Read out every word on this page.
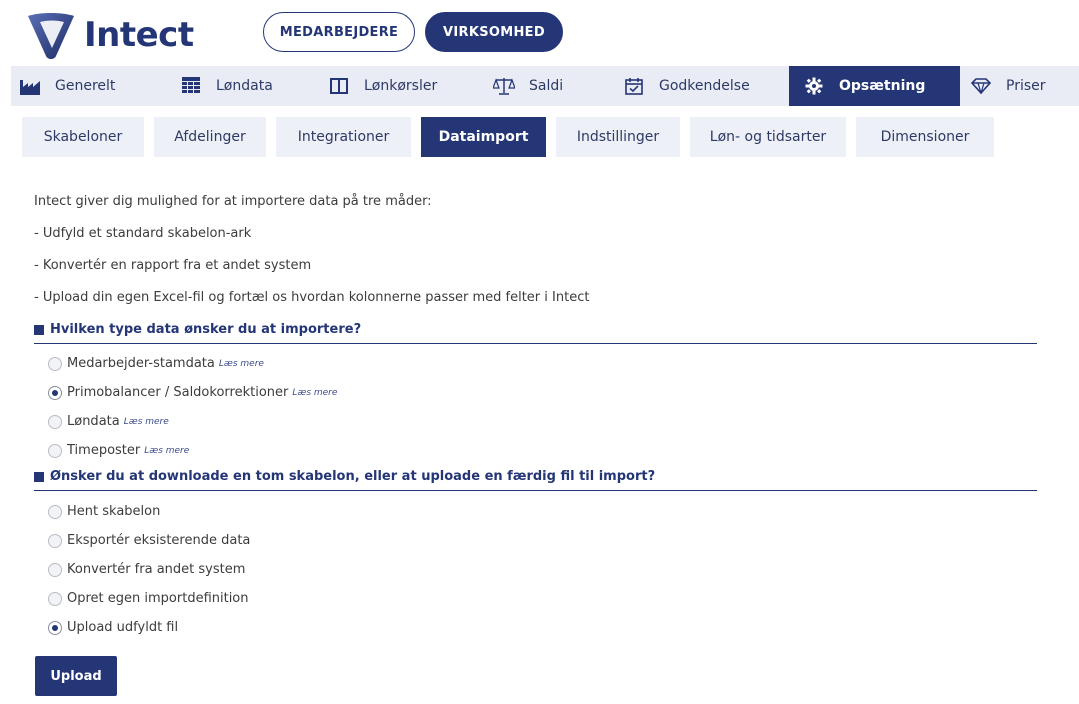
Intect	MEDARBEJDERE	VIRKSOMHED
Generelt	Løndata	Lønkørsler	Saldi	Godkendelse	Opsætning	Priser
Skabeloner	Afdelinger	Integrationer	Dataimport	Indstillinger	Løn- og tidsarter	Dimensioner
Intect giver dig mulighed for at importere data på tre måder:
- Udfyld et standard skabelon-ark
- Konvertér en rapport fra et andet system
- Upload din egen Excel-fil og fortæl os hvordan kolonnerne passer med felter i Intect
Hvilken type data ønsker du at importere?
Medarbejder-stamdata Læs mere
Primobalancer / Saldokorrektioner Læs mere
Løndata Læs mere
Timeposter Læs mere
Ønsker du at downloade en tom skabelon, eller at uploade en færdig fil til import?
Hent skabelon
Eksportér eksisterende data
Konvertér fra andet system
Opret egen importdefinition
Upload udfyldt fil
Upload
